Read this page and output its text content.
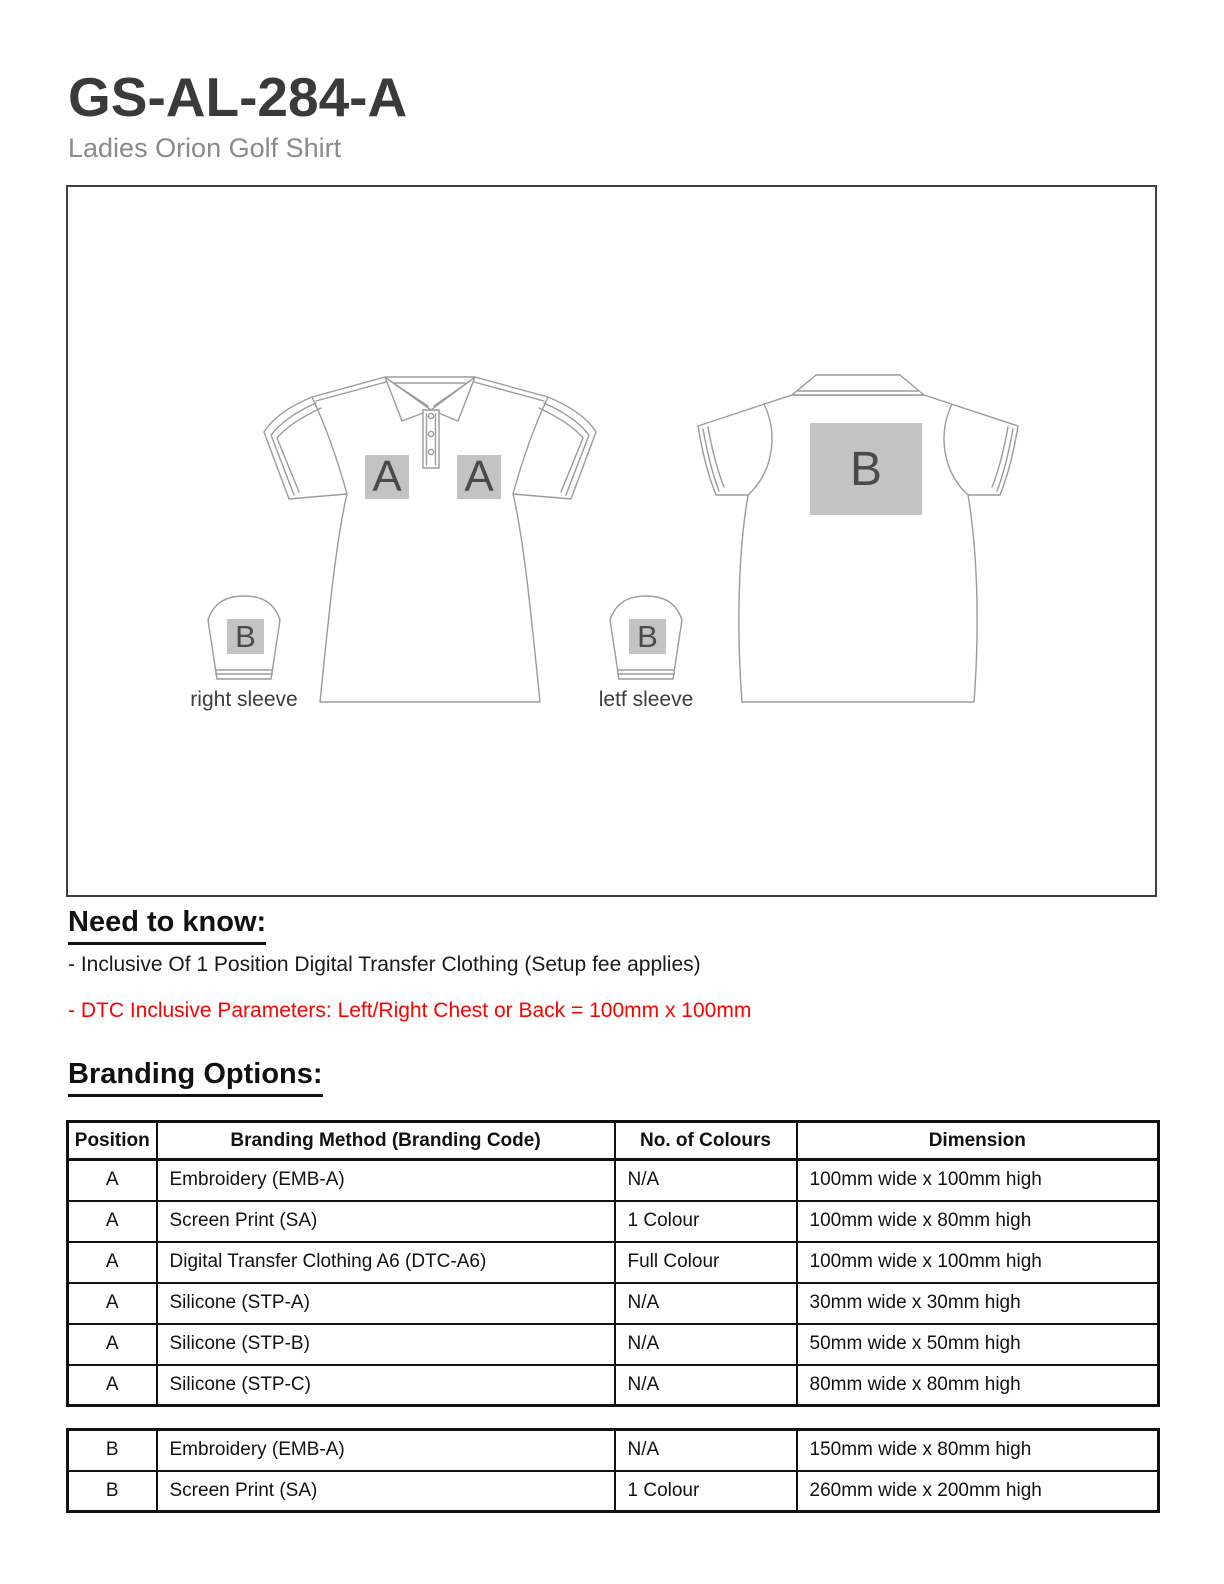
GS-AL-284-A
Ladies Orion Golf Shirt
A A	B
B	B
right sleeve	letf sleeve
Need to know:
- Inclusive Of 1 Position Digital Transfer Clothing (Setup fee applies)
- DTC Inclusive Parameters: Left/Right Chest or Back = 100mm x 100mm
Branding Options:
Position	Branding Method (Branding Code)	No. of Colours	Dimension
A	Embroidery (EMB-A)	N/A	100mm wide x 100mm high
A	Screen Print (SA)	1 Colour	100mm wide x 80mm high
A	Digital Transfer Clothing A6 (DTC-A6)	Full Colour	100mm wide x 100mm high
A	Silicone (STP-A)	N/A	30mm wide x 30mm high
A	Silicone (STP-B)	N/A	50mm wide x 50mm high
A	Silicone (STP-C)	N/A	80mm wide x 80mm high
B	Embroidery (EMB-A)	N/A	150mm wide x 80mm high
B	Screen Print (SA)	1 Colour	260mm wide x 200mm high
